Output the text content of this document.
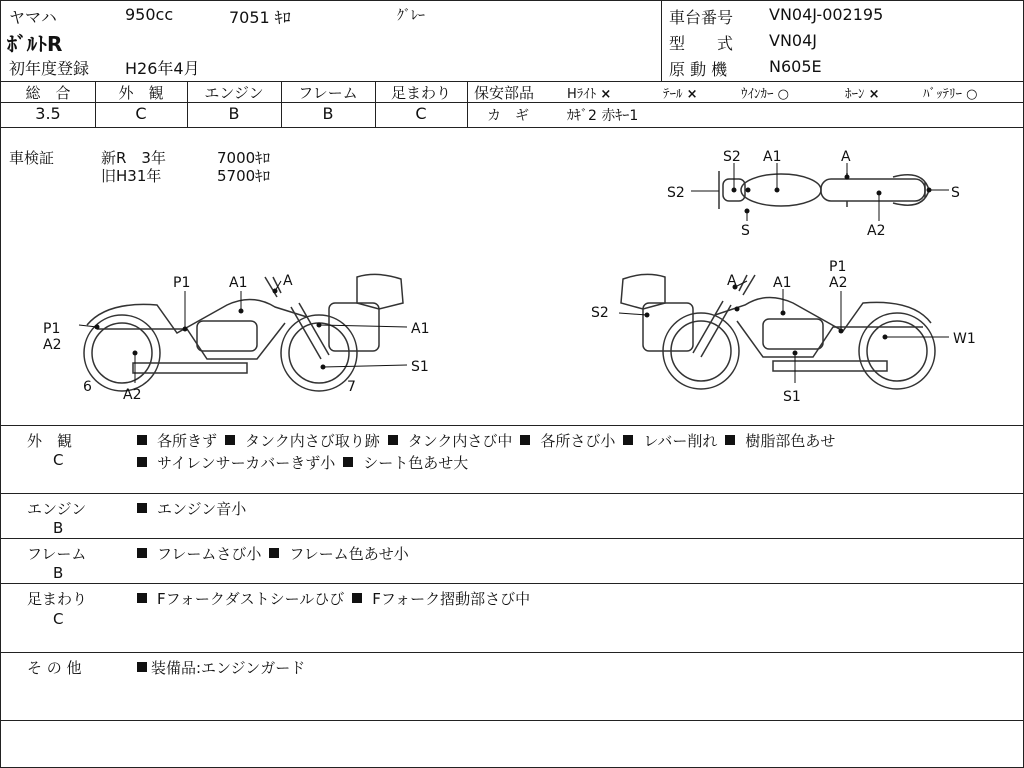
ヤマハ	950cc	7051 ｷﾛ	ｸﾞﾚｰ
ﾎﾞﾙﾄR
初年度登録 H26年4月
車台番号 VN04J-002195
型　　式 VN04J
原 動 機	N605E
総　合	外　観	エンジン	フレーム	足まわり
3.5	C	B	B	C
保安部品	Hﾗｲﾄ ×	ﾃｰﾙ ×	ｳｲﾝｶｰ ○	ﾎｰﾝ ×	ﾊﾞｯﾃﾘｰ ○
カ　ギ	ｶｷﾞ2 赤ｷｰ1
車検証	新R　3年	7000ｷﾛ
旧H31年	5700ｷﾛ
S2 A1	A
S2	S
S	A2
P1	A1	A
P1
A2
A1
6 A2
S1
7
A	A1
P1
A2
S2
W1
S1
外　観
C
各所きず タンク内さび取り跡 タンク内さび中 各所さび小 レバー削れ 樹脂部色あせ
サイレンサーカバーきず小 シート色あせ大
エンジン
B
エンジン音小
フレーム
B
フレームさび小 フレーム色あせ小
足まわり
C
Fフォークダストシールひび Fフォーク摺動部さび中
そ の 他	装備品:エンジンガード
